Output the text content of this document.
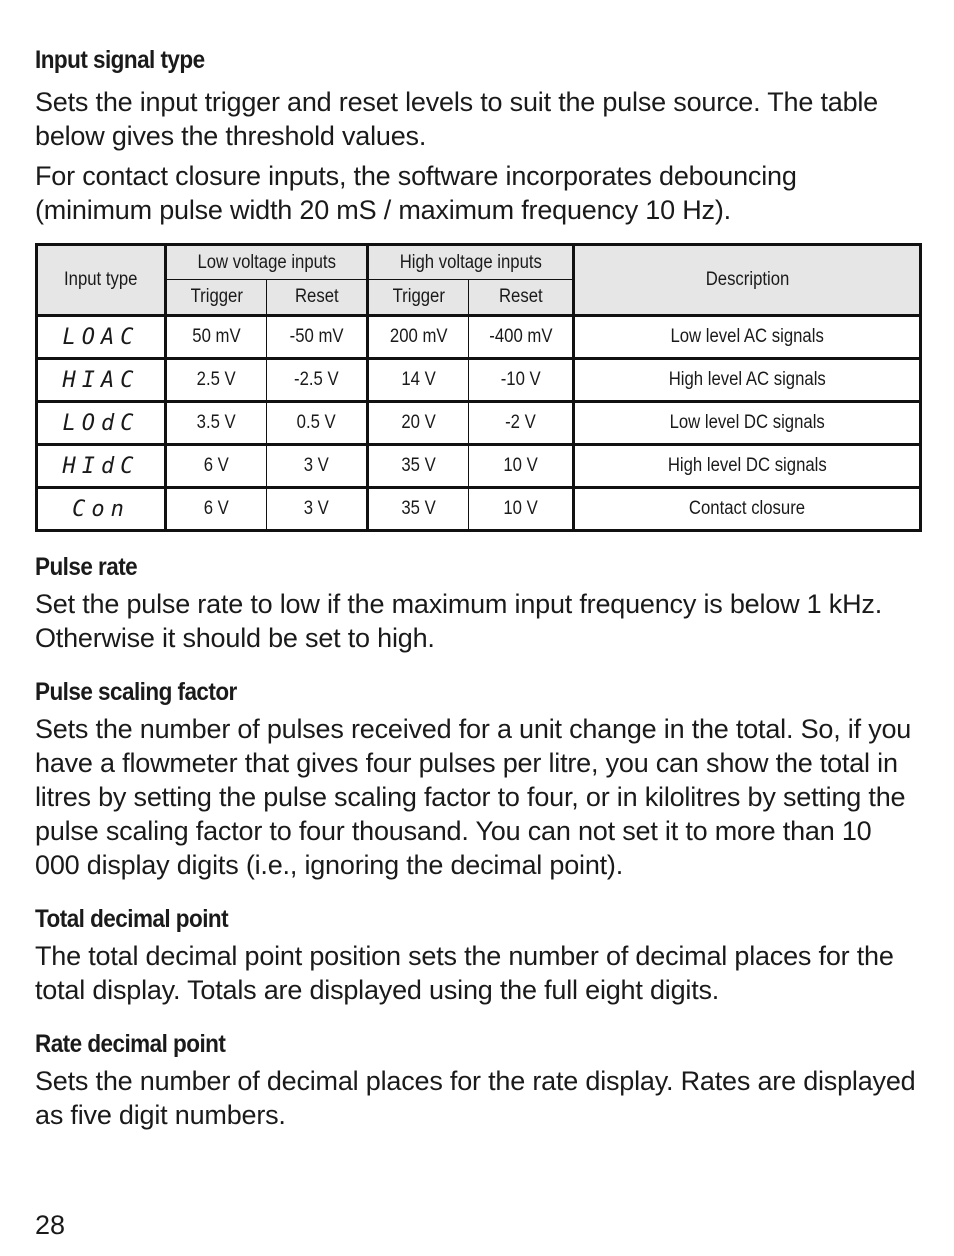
Input signal type

Sets the input trigger and reset levels to suit the pulse source. The table below gives the threshold values.

For contact closure inputs, the software incorporates debouncing (minimum pulse width 20 mS / maximum frequency 10 Hz).

Input type	Low voltage inputs		High voltage inputs		Description
	Trigger	Reset	Trigger	Reset	
LOAC	50 mV	-50 mV	200 mV	-400 mV	Low level AC signals
HIAC	2.5 V	-2.5 V	14 V	-10 V	High level AC signals
LOdC	3.5 V	0.5 V	20 V	-2 V	Low level DC signals
HIdC	6 V	3 V	35 V	10 V	High level DC signals
Con	6 V	3 V	35 V	10 V	Contact closure
Pulse rate

Set the pulse rate to low if the maximum input frequency is below 1 kHz. Otherwise it should be set to high.

Pulse scaling factor

Sets the number of pulses received for a unit change in the total. So, if you have a flowmeter that gives four pulses per litre, you can show the total in litres by setting the pulse scaling factor to four, or in kilolitres by setting the pulse scaling factor to four thousand. You can not set it to more than 10 000 display digits (i.e., ignoring the decimal point).

Total decimal point

The total decimal point position sets the number of decimal places for the total display. Totals are displayed using the full eight digits.

Rate decimal point

Sets the number of decimal places for the rate display. Rates are displayed as five digit numbers.

28
